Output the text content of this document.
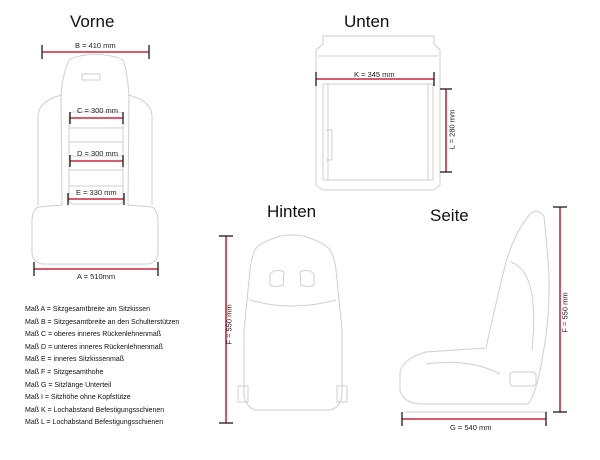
Vorne	Unten
Hinten	Seite
B = 410 mm
C = 300 mm
D = 300 mm
E = 330 mm
A = 510mm
K = 345 mm
L = 280 mm
F = 550 mm	F = 550 mm
G = 540 mm
Maß A = Sitzgesamtbreite am Sitzkissen
Maß B = Sitzgesamtbreite an den Schulterstützen
Maß C = oberes inneres Rückenlehnenmaß
Maß D = unteres inneres Rückenlehnenmaß
Maß E = inneres Sitzkissenmaß
Maß F = Sitzgesamthohe
Maß G = Sitzlänge Unterteil
Maß I = Sitzhöhe ohne Kopfstütze
Maß K = Lochabstand Befestigungsschienen
Maß L = Lochabstand Befestigungsschienen
